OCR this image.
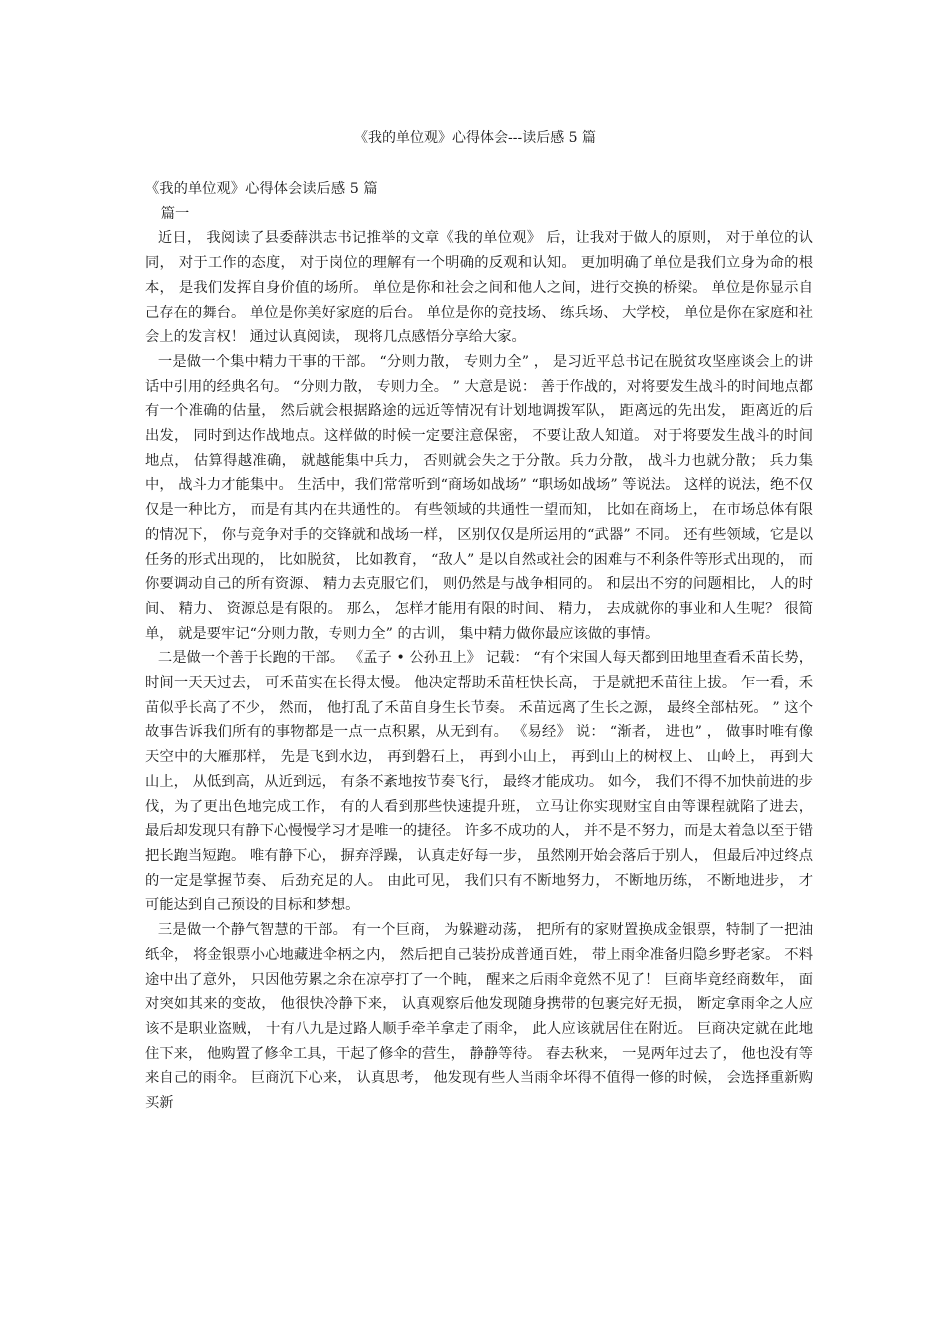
《我的单位观》心得体会---读后感 5 篇

《我的单位观》心得体会读后感 5 篇

篇一

近日， 我阅读了县委薛洪志书记推举的文章《我的单位观》 后，让我对于做人的原则， 对于单位的认同， 对于工作的态度， 对于岗位的理解有一个明确的反观和认知。 更加明确了单位是我们立身为命的根本， 是我们发挥自身价值的场所。 单位是你和社会之间和他人之间，进行交换的桥梁。 单位是你显示自己存在的舞台。 单位是你美好家庭的后台。 单位是你的竞技场、 练兵场、 大学校， 单位是你在家庭和社会上的发言权！ 通过认真阅读， 现将几点感悟分享给大家。

一是做一个集中精力干事的干部。 “分则力散， 专则力全” ， 是习近平总书记在脱贫攻坚座谈会上的讲话中引用的经典名句。 “分则力散， 专则力全。 ” 大意是说： 善于作战的，对将要发生战斗的时间地点都有一个准确的估量， 然后就会根据路途的远近等情况有计划地调拨军队， 距离远的先出发， 距离近的后出发， 同时到达作战地点。这样做的时候一定要注意保密， 不要让敌人知道。 对于将要发生战斗的时间地点， 估算得越准确， 就越能集中兵力， 否则就会失之于分散。兵力分散， 战斗力也就分散； 兵力集中， 战斗力才能集中。 生活中，我们常常听到“商场如战场” “职场如战场” 等说法。 这样的说法，绝不仅仅是一种比方， 而是有其内在共通性的。 有些领域的共通性一望而知， 比如在商场上， 在市场总体有限的情况下， 你与竞争对手的交锋就和战场一样， 区别仅仅是所运用的“武器” 不同。 还有些领域，它是以任务的形式出现的， 比如脱贫， 比如教育， “敌人” 是以自然或社会的困难与不利条件等形式出现的， 而你要调动自己的所有资源、 精力去克服它们， 则仍然是与战争相同的。 和层出不穷的问题相比， 人的时间、 精力、 资源总是有限的。 那么， 怎样才能用有限的时间、 精力， 去成就你的事业和人生呢？ 很简单， 就是要牢记“分则力散，专则力全” 的古训， 集中精力做你最应该做的事情。

二是做一个善于长跑的干部。 《孟子 • 公孙丑上》 记载： “有个宋国人每天都到田地里查看禾苗长势， 时间一天天过去， 可禾苗实在长得太慢。 他决定帮助禾苗枉快长高， 于是就把禾苗往上拔。 乍一看，禾苗似乎长高了不少， 然而， 他打乱了禾苗自身生长节奏。 禾苗远离了生长之源， 最终全部枯死。 ” 这个故事告诉我们所有的事物都是一点一点积累，从无到有。 《易经》 说： “渐者， 进也” ， 做事时唯有像天空中的大雁那样， 先是飞到水边， 再到磐石上， 再到小山上， 再到山上的树杈上、 山岭上， 再到大山上， 从低到高，从近到远， 有条不紊地按节奏飞行， 最终才能成功。 如今， 我们不得不加快前进的步伐，为了更出色地完成工作， 有的人看到那些快速提升班， 立马让你实现财宝自由等课程就陷了进去， 最后却发现只有静下心慢慢学习才是唯一的捷径。 许多不成功的人， 并不是不努力，而是太着急以至于错把长跑当短跑。 唯有静下心， 摒弃浮躁， 认真走好每一步， 虽然刚开始会落后于别人， 但最后冲过终点的一定是掌握节奏、 后劲充足的人。 由此可见， 我们只有不断地努力， 不断地历练， 不断地进步， 才可能达到自己预设的目标和梦想。

三是做一个静气智慧的干部。 有一个巨商， 为躲避动荡， 把所有的家财置换成金银票，特制了一把油纸伞， 将金银票小心地藏进伞柄之内， 然后把自己装扮成普通百姓， 带上雨伞准备归隐乡野老家。 不料途中出了意外， 只因他劳累之余在凉亭打了一个盹， 醒来之后雨伞竟然不见了！ 巨商毕竟经商数年， 面对突如其来的变故， 他很快冷静下来， 认真观察后他发现随身携带的包裹完好无损， 断定拿雨伞之人应该不是职业盗贼， 十有八九是过路人顺手牵羊拿走了雨伞， 此人应该就居住在附近。 巨商决定就在此地住下来， 他购置了修伞工具，干起了修伞的营生， 静静等待。 春去秋来， 一晃两年过去了， 他也没有等来自己的雨伞。 巨商沉下心来， 认真思考， 他发现有些人当雨伞坏得不值得一修的时候， 会选择重新购买新
